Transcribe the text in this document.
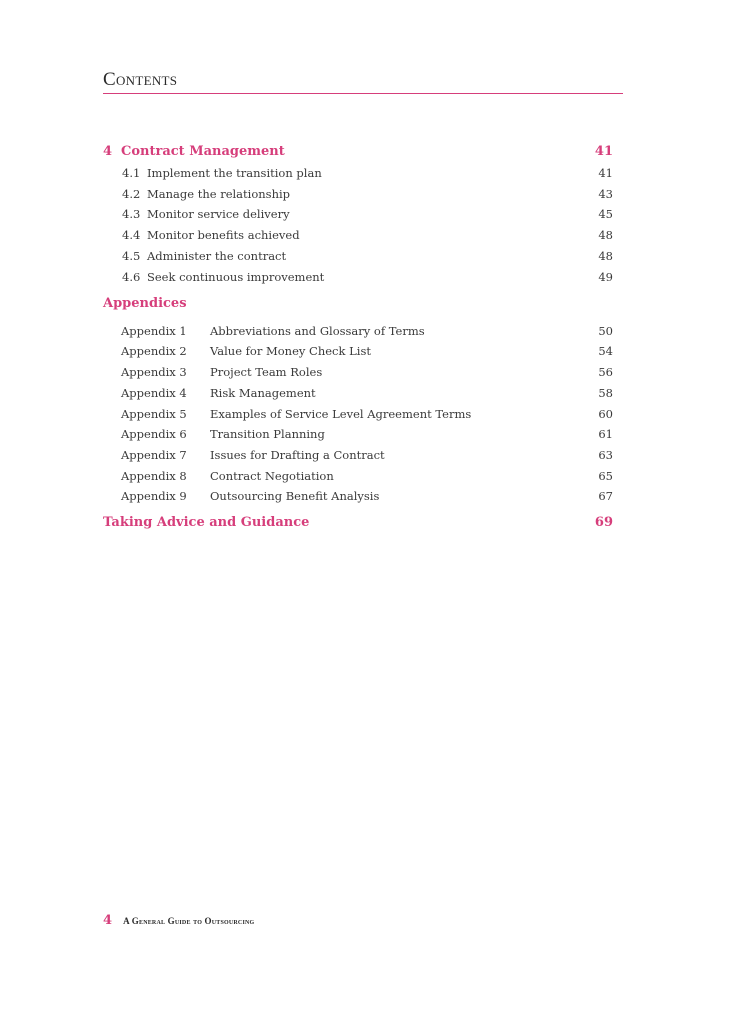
Contents
4 Contract Management	41
4.1 Implement the transition plan	41
4.2 Manage the relationship	43
4.3 Monitor service delivery	45
4.4 Monitor benefits achieved	48
4.5 Administer the contract	48
4.6 Seek continuous improvement	49
Appendices
Appendix 1 Abbreviations and Glossary of Terms	50
Appendix 2 Value for Money Check List	54
Appendix 3 Project Team Roles	56
Appendix 4 Risk Management	58
Appendix 5 Examples of Service Level Agreement Terms	60
Appendix 6 Transition Planning	61
Appendix 7 Issues for Drafting a Contract	63
Appendix 8 Contract Negotiation	65
Appendix 9 Outsourcing Benefit Analysis	67
Taking Advice and Guidance	69
4 A General Guide to Outsourcing
